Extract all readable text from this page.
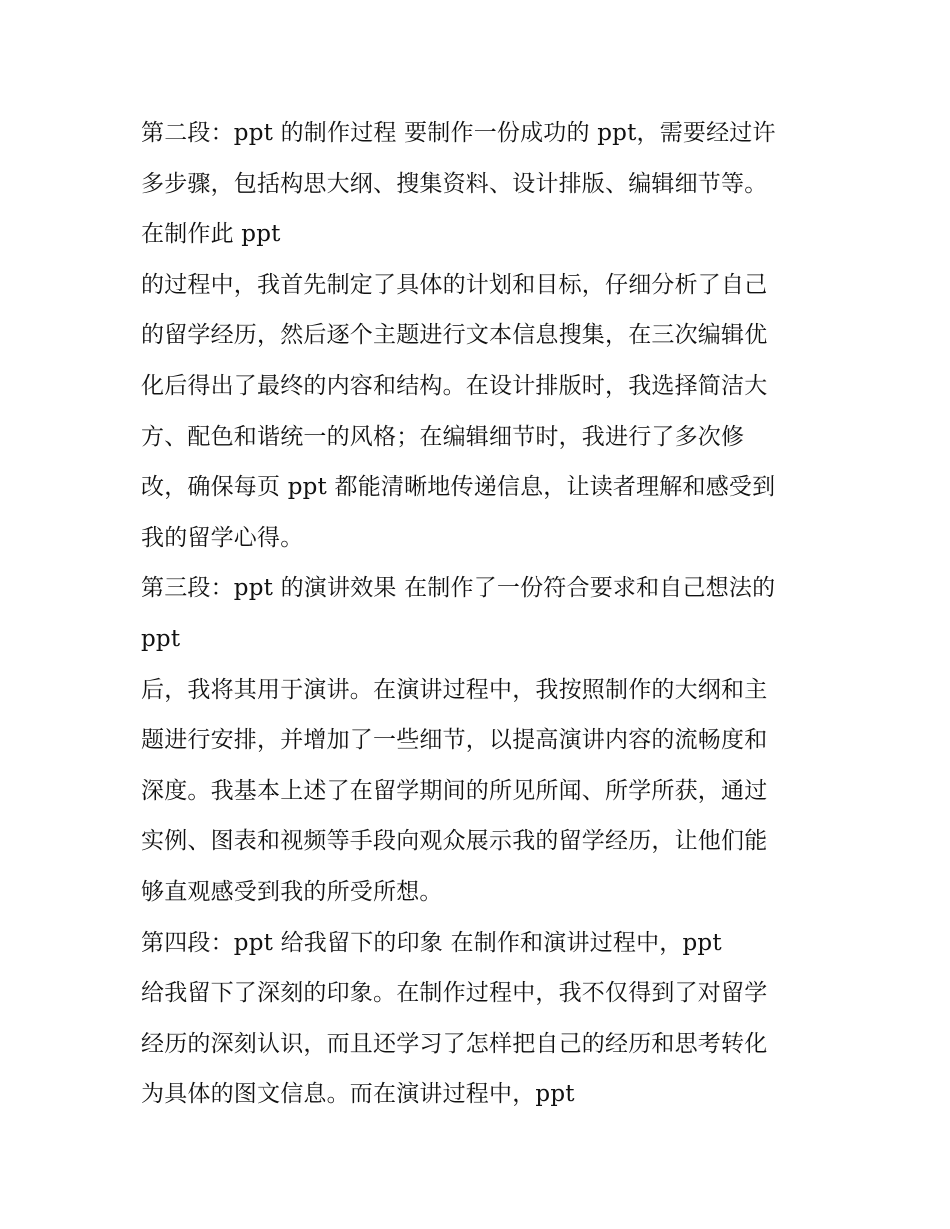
第二段：ppt 的制作过程 要制作一份成功的 ppt，需要经过许
多步骤，包括构思大纲、搜集资料、设计排版、编辑细节等。
在制作此 ppt
的过程中，我首先制定了具体的计划和目标，仔细分析了自己
的留学经历，然后逐个主题进行文本信息搜集，在三次编辑优
化后得出了最终的内容和结构。在设计排版时，我选择简洁大
方、配色和谐统一的风格；在编辑细节时，我进行了多次修
改，确保每页 ppt 都能清晰地传递信息，让读者理解和感受到
我的留学心得。
第三段：ppt 的演讲效果 在制作了一份符合要求和自己想法的
ppt
后，我将其用于演讲。在演讲过程中，我按照制作的大纲和主
题进行安排，并增加了一些细节，以提高演讲内容的流畅度和
深度。我基本上述了在留学期间的所见所闻、所学所获，通过
实例、图表和视频等手段向观众展示我的留学经历，让他们能
够直观感受到我的所受所想。
第四段：ppt 给我留下的印象 在制作和演讲过程中，ppt
给我留下了深刻的印象。在制作过程中，我不仅得到了对留学
经历的深刻认识，而且还学习了怎样把自己的经历和思考转化
为具体的图文信息。而在演讲过程中，ppt
